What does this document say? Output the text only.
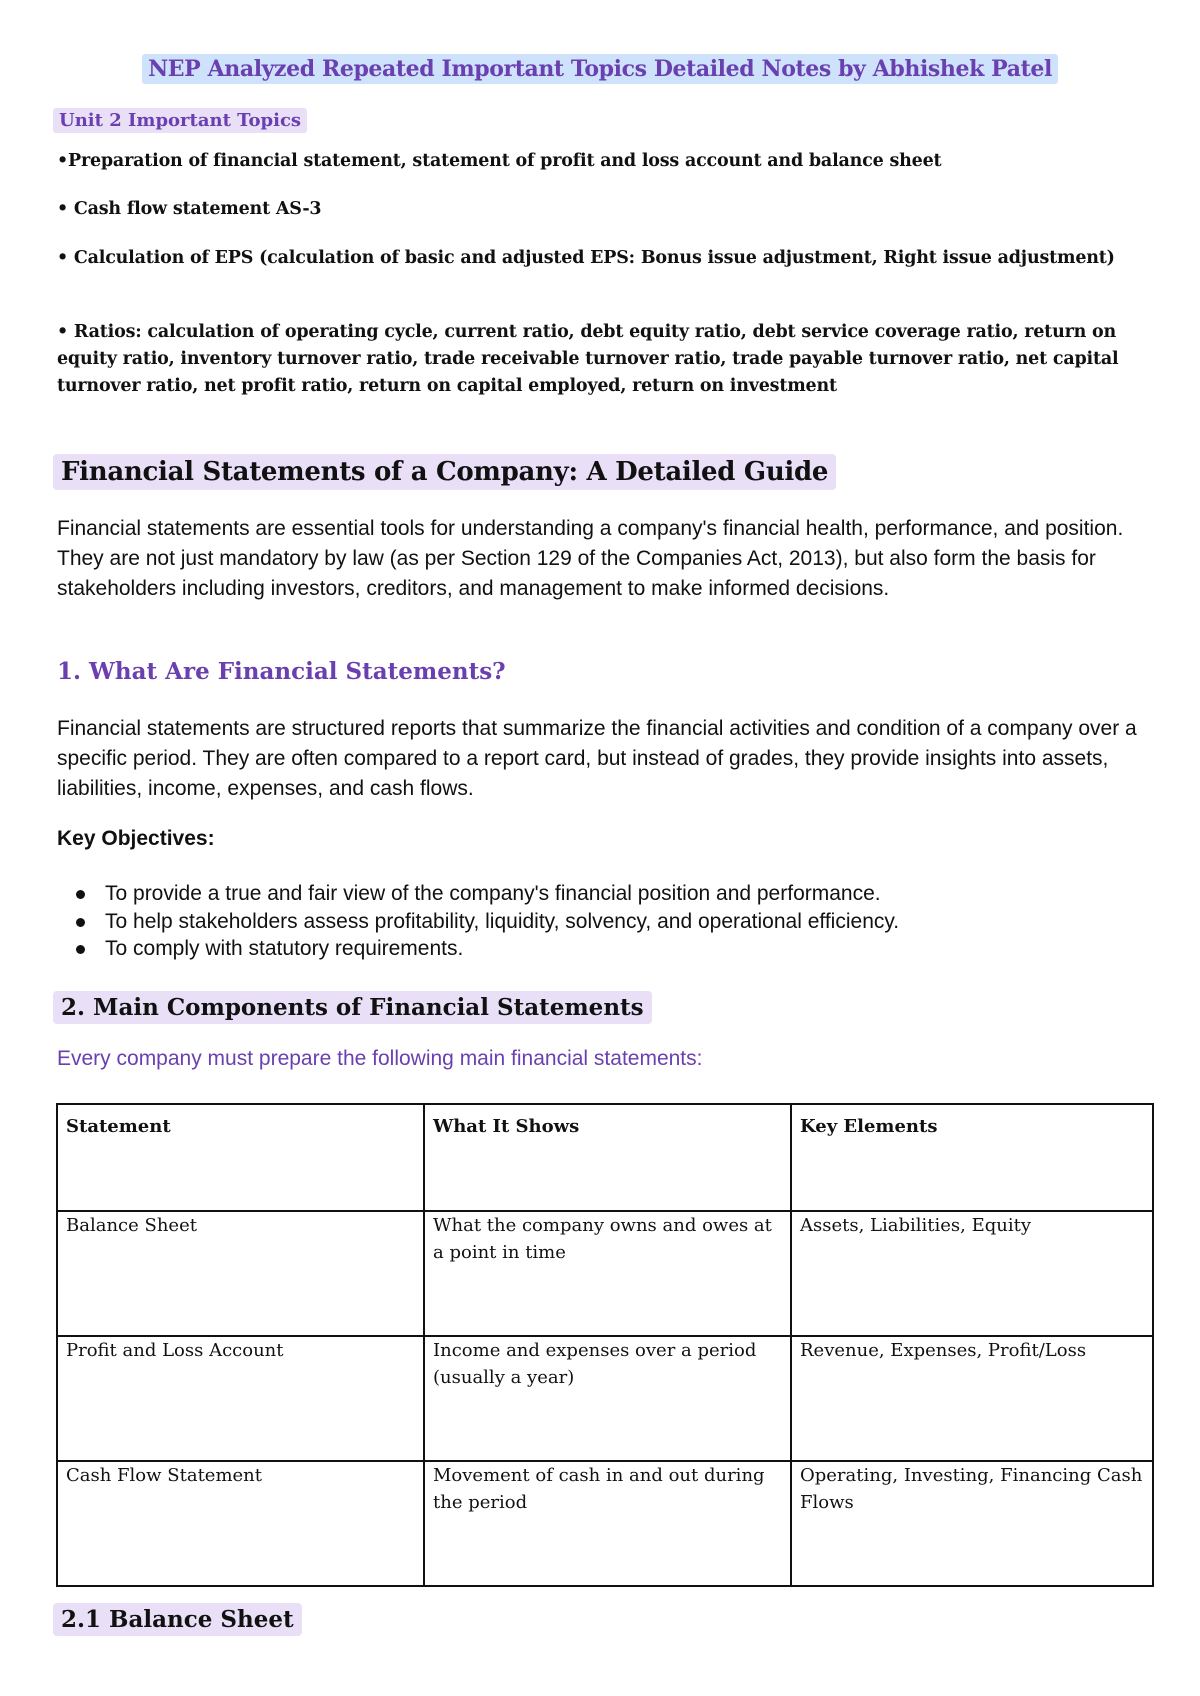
NEP Analyzed Repeated Important Topics Detailed Notes by Abhishek Patel
Unit 2 Important Topics
•Preparation of financial statement, statement of profit and loss account and balance sheet
• Cash flow statement AS-3
• Calculation of EPS (calculation of basic and adjusted EPS: Bonus issue adjustment, Right issue adjustment)
• Ratios: calculation of operating cycle, current ratio, debt equity ratio, debt service coverage ratio, return on equity ratio, inventory turnover ratio, trade receivable turnover ratio, trade payable turnover ratio, net capital turnover ratio, net profit ratio, return on capital employed, return on investment
Financial Statements of a Company: A Detailed Guide
Financial statements are essential tools for understanding a company's financial health, performance, and position. They are not just mandatory by law (as per Section 129 of the Companies Act, 2013), but also form the basis for stakeholders including investors, creditors, and management to make informed decisions.
1. What Are Financial Statements?
Financial statements are structured reports that summarize the financial activities and condition of a company over a specific period. They are often compared to a report card, but instead of grades, they provide insights into assets, liabilities, income, expenses, and cash flows.
Key Objectives:
To provide a true and fair view of the company's financial position and performance.
To help stakeholders assess profitability, liquidity, solvency, and operational efficiency.
To comply with statutory requirements.
2. Main Components of Financial Statements
Every company must prepare the following main financial statements:
Statement	What It Shows	Key Elements
Balance Sheet	What the company owns and owes at a point in time	Assets, Liabilities, Equity
Profit and Loss Account	Income and expenses over a period (usually a year)	Revenue, Expenses, Profit/Loss
Cash Flow Statement	Movement of cash in and out during the period	Operating, Investing, Financing Cash Flows
2.1 Balance Sheet
